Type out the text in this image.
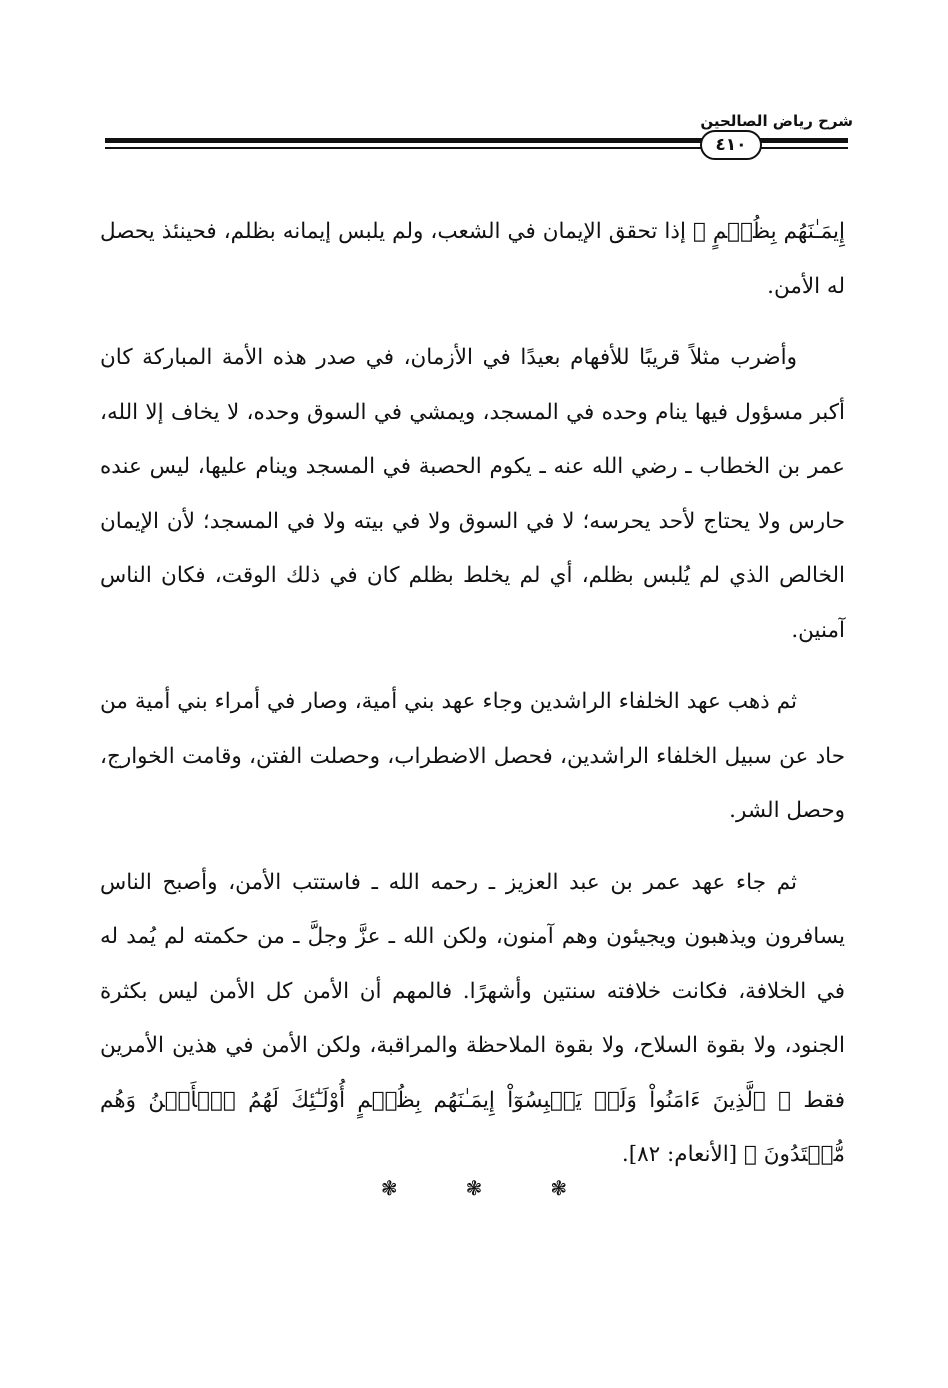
شرح رياض الصالحين
٤١٠

إِيمَـٰنَهُم بِظُلۡمٍ ﴾ إذا تحقق الإيمان في الشعب، ولم يلبس إيمانه بظلم، فحينئذ يحصل له الأمن.

وأضرب مثلاً قريبًا للأفهام بعيدًا في الأزمان، في صدر هذه الأمة المباركة كان أكبر مسؤول فيها ينام وحده في المسجد، ويمشي في السوق وحده، لا يخاف إلا الله، عمر بن الخطاب ـ رضي الله عنه ـ يكوم الحصبة في المسجد وينام عليها، ليس عنده حارس ولا يحتاج لأحد يحرسه؛ لا في السوق ولا في بيته ولا في المسجد؛ لأن الإيمان الخالص الذي لم يُلبس بظلم، أي لم يخلط بظلم كان في ذلك الوقت، فكان الناس آمنين.

ثم ذهب عهد الخلفاء الراشدين وجاء عهد بني أمية، وصار في أمراء بني أمية من حاد عن سبيل الخلفاء الراشدين، فحصل الاضطراب، وحصلت الفتن، وقامت الخوارج، وحصل الشر.

ثم جاء عهد عمر بن عبد العزيز ـ رحمه الله ـ فاستتب الأمن، وأصبح الناس يسافرون ويذهبون ويجيئون وهم آمنون، ولكن الله ـ عزَّ وجلَّ ـ من حكمته لم يُمد له في الخلافة، فكانت خلافته سنتين وأشهرًا. فالمهم أن الأمن كل الأمن ليس بكثرة الجنود، ولا بقوة السلاح، ولا بقوة الملاحظة والمراقبة، ولكن الأمن في هذين الأمرين فقط ﴿ ٱلَّذِينَ ءَامَنُواْ وَلَمۡ يَلۡبِسُوٓاْ إِيمَـٰنَهُم بِظُلۡمٍ أُوْلَـٰٓئِكَ لَهُمُ ٱلۡأَمۡنُ وَهُم مُّهۡتَدُونَ ﴾ [الأنعام: ٨٢].

❃	❃	❃
